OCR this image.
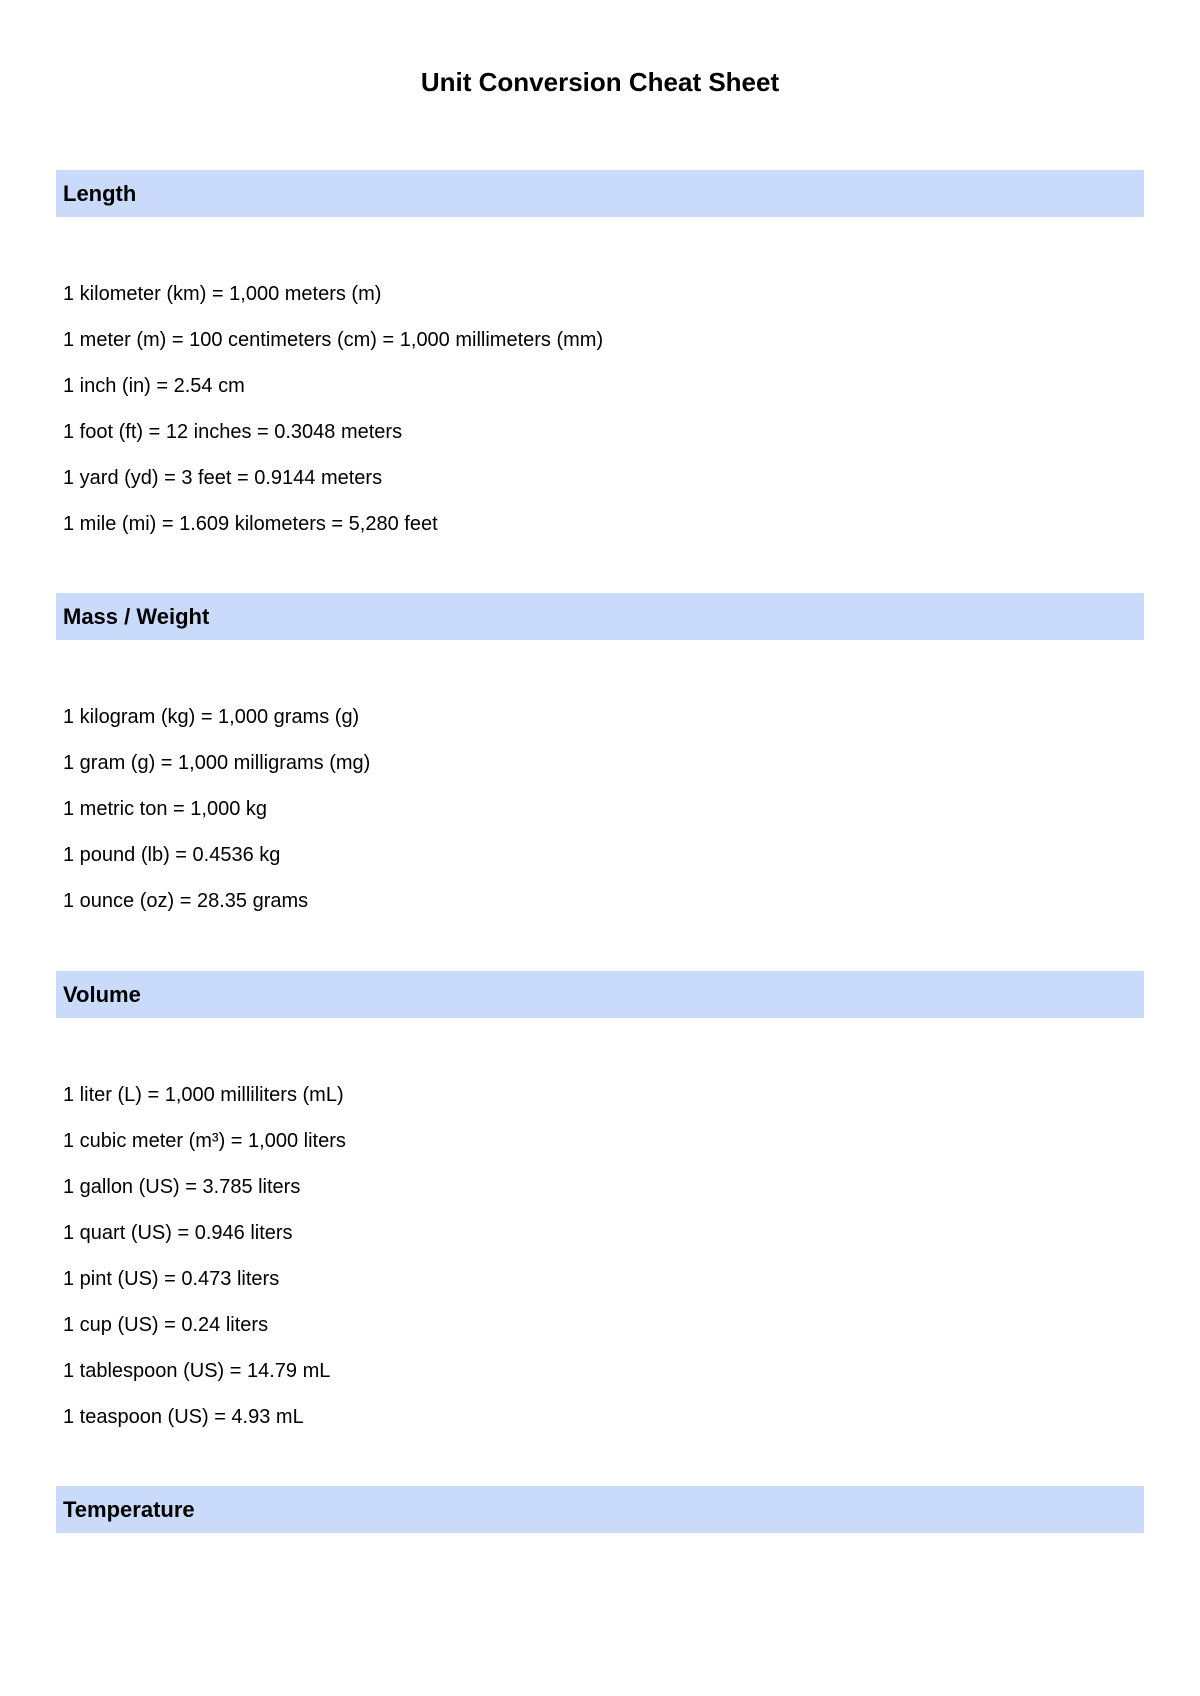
Unit Conversion Cheat Sheet
Length
1 kilometer (km) = 1,000 meters (m)
1 meter (m) = 100 centimeters (cm) = 1,000 millimeters (mm)
1 inch (in) = 2.54 cm
1 foot (ft) = 12 inches = 0.3048 meters
1 yard (yd) = 3 feet = 0.9144 meters
1 mile (mi) = 1.609 kilometers = 5,280 feet
Mass / Weight
1 kilogram (kg) = 1,000 grams (g)
1 gram (g) = 1,000 milligrams (mg)
1 metric ton = 1,000 kg
1 pound (lb) = 0.4536 kg
1 ounce (oz) = 28.35 grams
Volume
1 liter (L) = 1,000 milliliters (mL)
1 cubic meter (m³) = 1,000 liters
1 gallon (US) = 3.785 liters
1 quart (US) = 0.946 liters
1 pint (US) = 0.473 liters
1 cup (US) = 0.24 liters
1 tablespoon (US) = 14.79 mL
1 teaspoon (US) = 4.93 mL
Temperature
